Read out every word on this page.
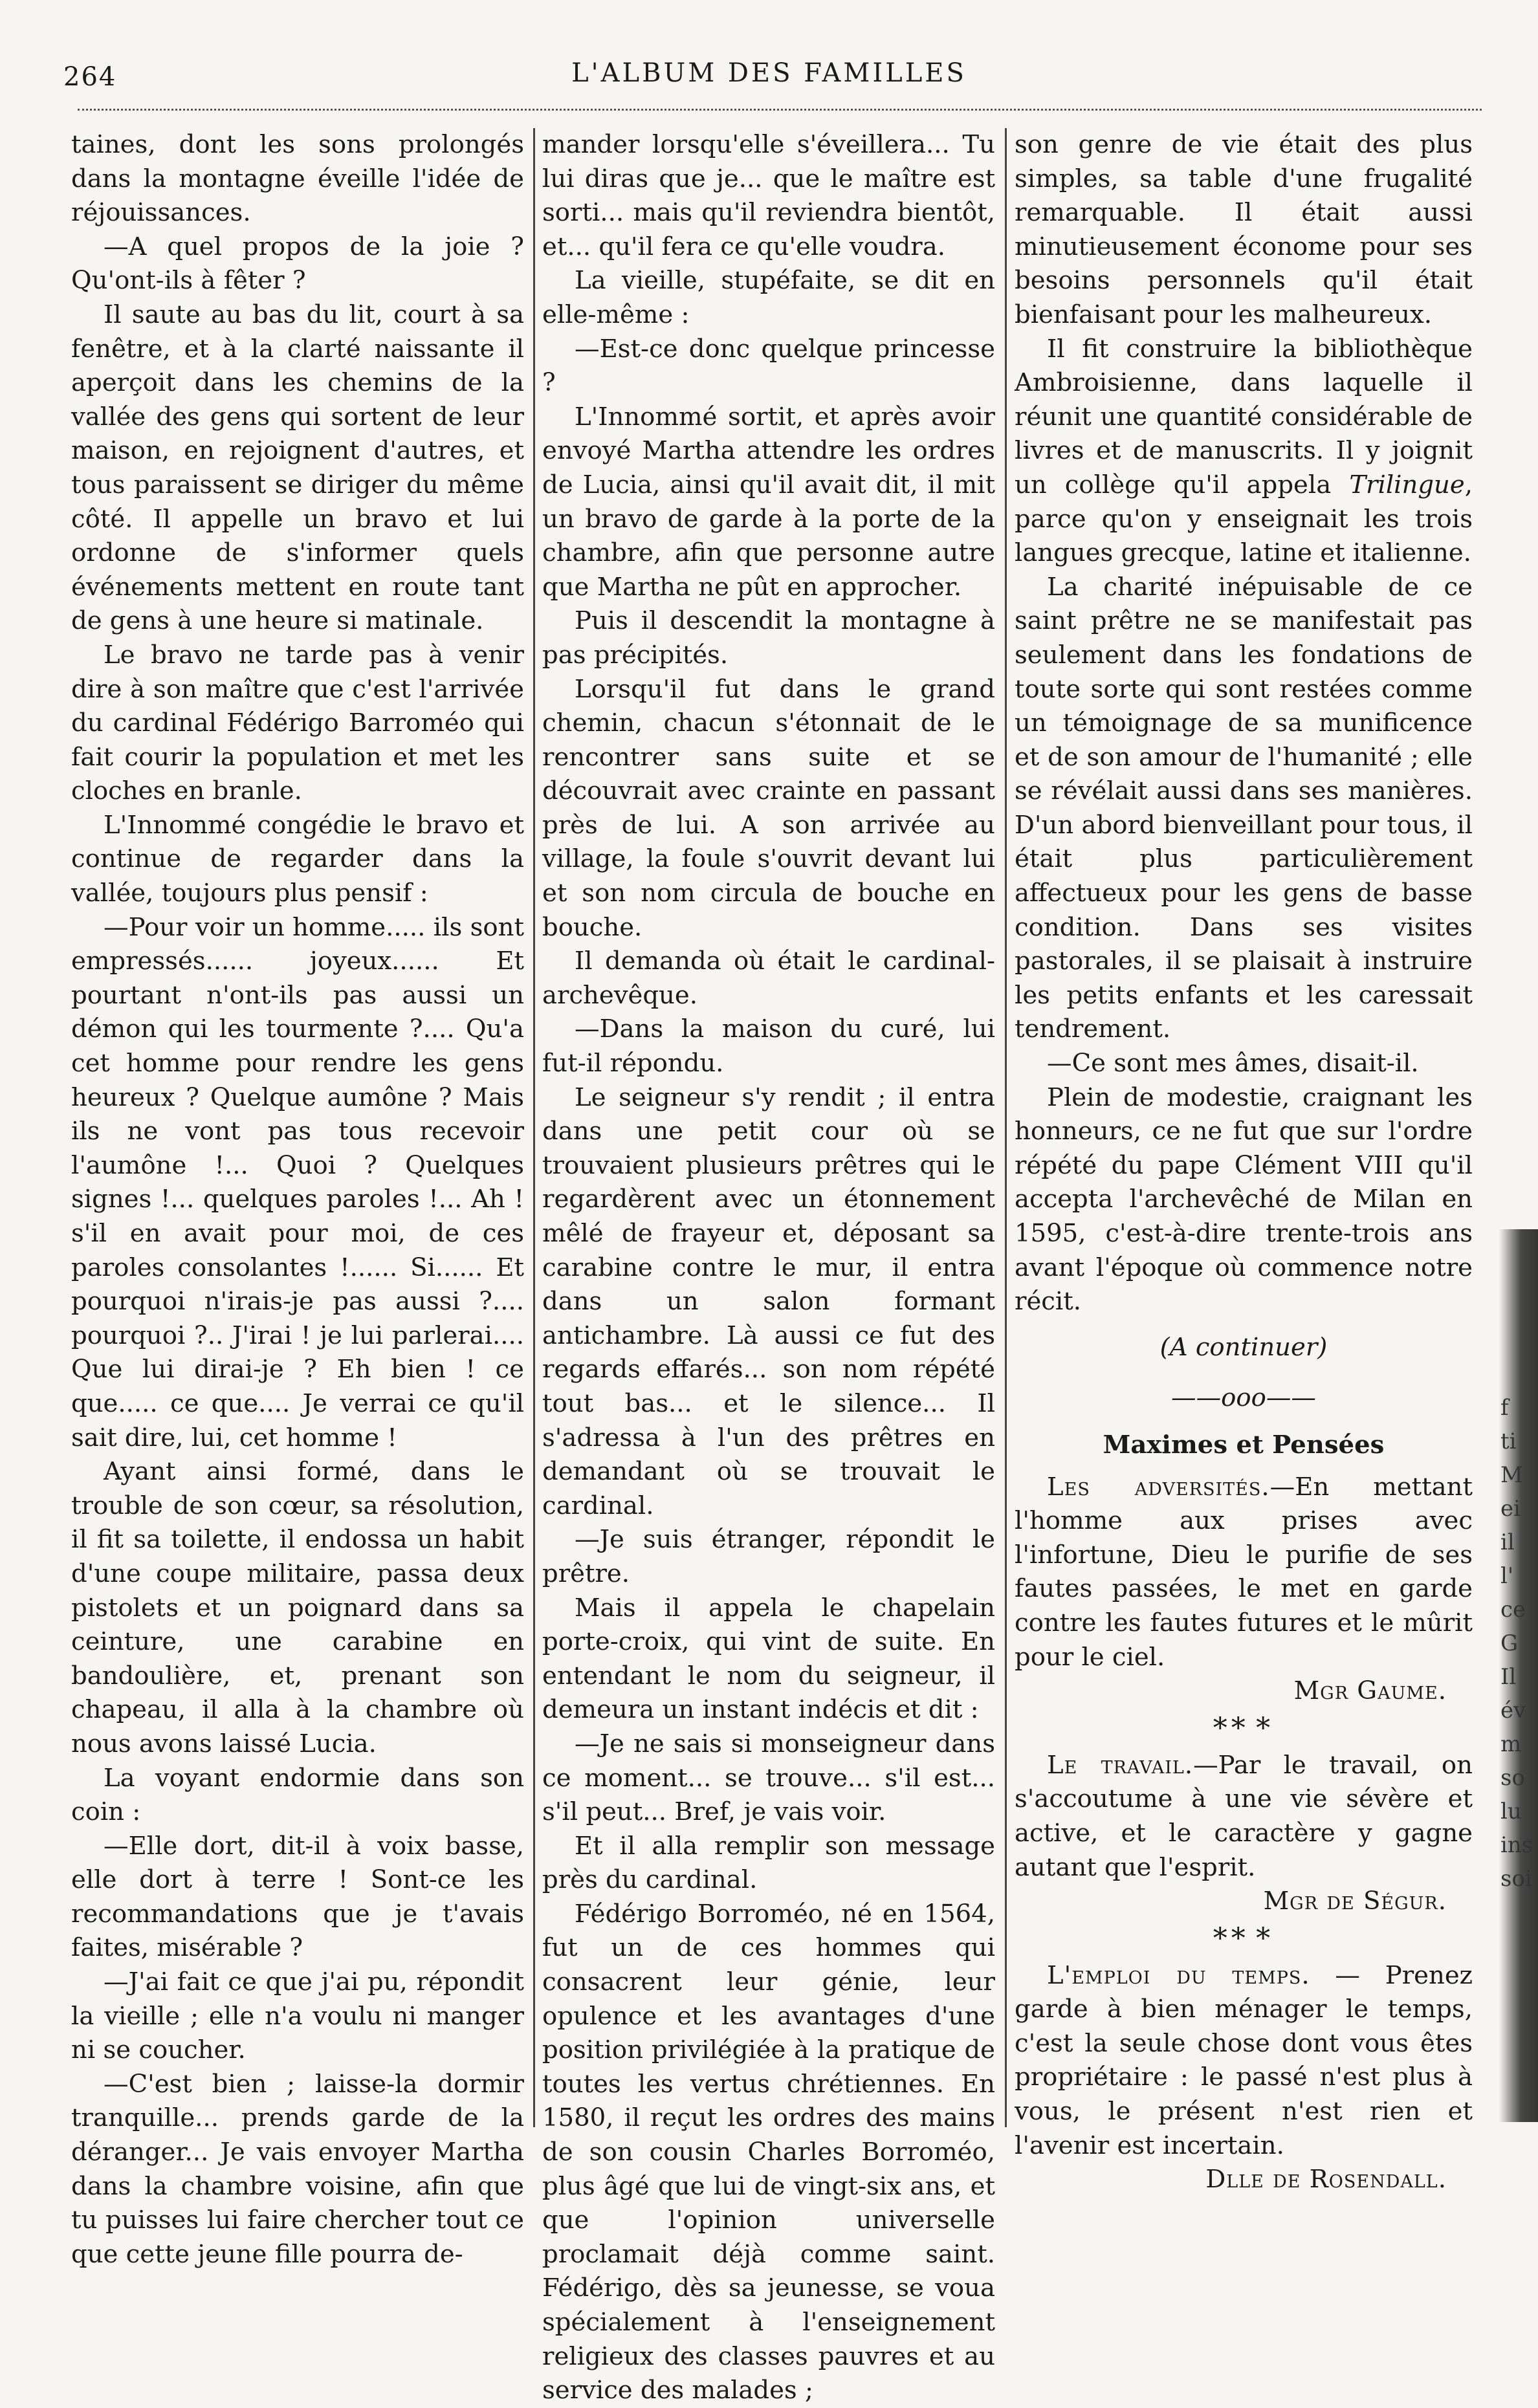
264	L'ALBUM DES FAMILLES

taines, dont les sons prolongés dans la montagne éveille l'idée de réjouissances.

—A quel propos de la joie ? Qu'ont-ils à fêter ?

Il saute au bas du lit, court à sa fenêtre, et à la clarté naissante il aperçoit dans les chemins de la vallée des gens qui sortent de leur maison, en rejoignent d'autres, et tous paraissent se diriger du même côté. Il appelle un bravo et lui ordonne de s'informer quels événements mettent en route tant de gens à une heure si matinale.

Le bravo ne tarde pas à venir dire à son maître que c'est l'arrivée du cardinal Fédérigo Barroméo qui fait courir la population et met les cloches en branle.

L'Innommé congédie le bravo et continue de regarder dans la vallée, toujours plus pensif :

—Pour voir un homme..... ils sont empressés...... joyeux...... Et pourtant n'ont-ils pas aussi un démon qui les tourmente ?.... Qu'a cet homme pour rendre les gens heureux ? Quelque aumône ? Mais ils ne vont pas tous recevoir l'aumône !... Quoi ? Quelques signes !... quelques paroles !... Ah ! s'il en avait pour moi, de ces paroles consolantes !...... Si...... Et pourquoi n'irais-je pas aussi ?.... pourquoi ?.. J'irai ! je lui parlerai.... Que lui dirai-je ? Eh bien ! ce que..... ce que.... Je verrai ce qu'il sait dire, lui, cet homme !

Ayant ainsi formé, dans le trouble de son cœur, sa résolution, il fit sa toilette, il endossa un habit d'une coupe militaire, passa deux pistolets et un poignard dans sa ceinture, une carabine en bandoulière, et, prenant son chapeau, il alla à la chambre où nous avons laissé Lucia.

La voyant endormie dans son coin :

—Elle dort, dit-il à voix basse, elle dort à terre ! Sont-ce les recommandations que je t'avais faites, misérable ?

—J'ai fait ce que j'ai pu, répondit la vieille ; elle n'a voulu ni manger ni se coucher.

—C'est bien ; laisse-la dormir tranquille... prends garde de la déranger... Je vais envoyer Martha dans la chambre voisine, afin que tu puisses lui faire chercher tout ce que cette jeune fille pourra de-

mander lorsqu'elle s'éveillera... Tu lui diras que je... que le maître est sorti... mais qu'il reviendra bientôt, et... qu'il fera ce qu'elle voudra.

La vieille, stupéfaite, se dit en elle-même :

—Est-ce donc quelque princesse ?

L'Innommé sortit, et après avoir envoyé Martha attendre les ordres de Lucia, ainsi qu'il avait dit, il mit un bravo de garde à la porte de la chambre, afin que personne autre que Martha ne pût en approcher.

Puis il descendit la montagne à pas précipités.

Lorsqu'il fut dans le grand chemin, chacun s'étonnait de le rencontrer sans suite et se découvrait avec crainte en passant près de lui. A son arrivée au village, la foule s'ouvrit devant lui et son nom circula de bouche en bouche.

Il demanda où était le cardinal-archevêque.

—Dans la maison du curé, lui fut-il répondu.

Le seigneur s'y rendit ; il entra dans une petit cour où se trouvaient plusieurs prêtres qui le regardèrent avec un étonnement mêlé de frayeur et, déposant sa carabine contre le mur, il entra dans un salon formant antichambre. Là aussi ce fut des regards effarés... son nom répété tout bas... et le silence... Il s'adressa à l'un des prêtres en demandant où se trouvait le cardinal.

—Je suis étranger, répondit le prêtre.

Mais il appela le chapelain porte-croix, qui vint de suite. En entendant le nom du seigneur, il demeura un instant indécis et dit :

—Je ne sais si monseigneur dans ce moment... se trouve... s'il est... s'il peut... Bref, je vais voir.

Et il alla remplir son message près du cardinal.

Fédérigo Borroméo, né en 1564, fut un de ces hommes qui consacrent leur génie, leur opulence et les avantages d'une position privilégiée à la pratique de toutes les vertus chrétiennes. En 1580, il reçut les ordres des mains de son cousin Charles Borroméo, plus âgé que lui de vingt-six ans, et que l'opinion universelle proclamait déjà comme saint. Fédérigo, dès sa jeunesse, se voua spécialement à l'enseignement religieux des classes pauvres et au service des malades ;

son genre de vie était des plus simples, sa table d'une frugalité remarquable. Il était aussi minutieusement économe pour ses besoins personnels qu'il était bienfaisant pour les malheureux.

Il fit construire la bibliothèque Ambroisienne, dans laquelle il réunit une quantité considérable de livres et de manuscrits. Il y joignit un collège qu'il appela Trilingue, parce qu'on y enseignait les trois langues grecque, latine et italienne.

La charité inépuisable de ce saint prêtre ne se manifestait pas seulement dans les fondations de toute sorte qui sont restées comme un témoignage de sa munificence et de son amour de l'humanité ; elle se révélait aussi dans ses manières. D'un abord bienveillant pour tous, il était plus particulièrement affectueux pour les gens de basse condition. Dans ses visites pastorales, il se plaisait à instruire les petits enfants et les caressait tendrement.

—Ce sont mes âmes, disait-il.

Plein de modestie, craignant les honneurs, ce ne fut que sur l'ordre répété du pape Clément VIII qu'il accepta l'archevêché de Milan en 1595, c'est-à-dire trente-trois ans avant l'époque où commence notre récit.

(A continuer)

——ooo——
Maximes et Pensées

Les adversités.—En mettant l'homme aux prises avec l'infortune, Dieu le purifie de ses fautes passées, le met en garde contre les fautes futures et le mûrit pour le ciel.

Mgr Gaume.

** *

Le travail.—Par le travail, on s'accoutume à une vie sévère et active, et le caractère y gagne autant que l'esprit.

Mgr de Ségur.

** *

L'emploi du temps. — Prenez garde à bien ménager le temps, c'est la seule chose dont vous êtes propriétaire : le passé n'est plus à vous, le présent n'est rien et l'avenir est incertain.

Dlle de Rosendall.

f ti M ei il l' ce G Il év m so lu ins soi
